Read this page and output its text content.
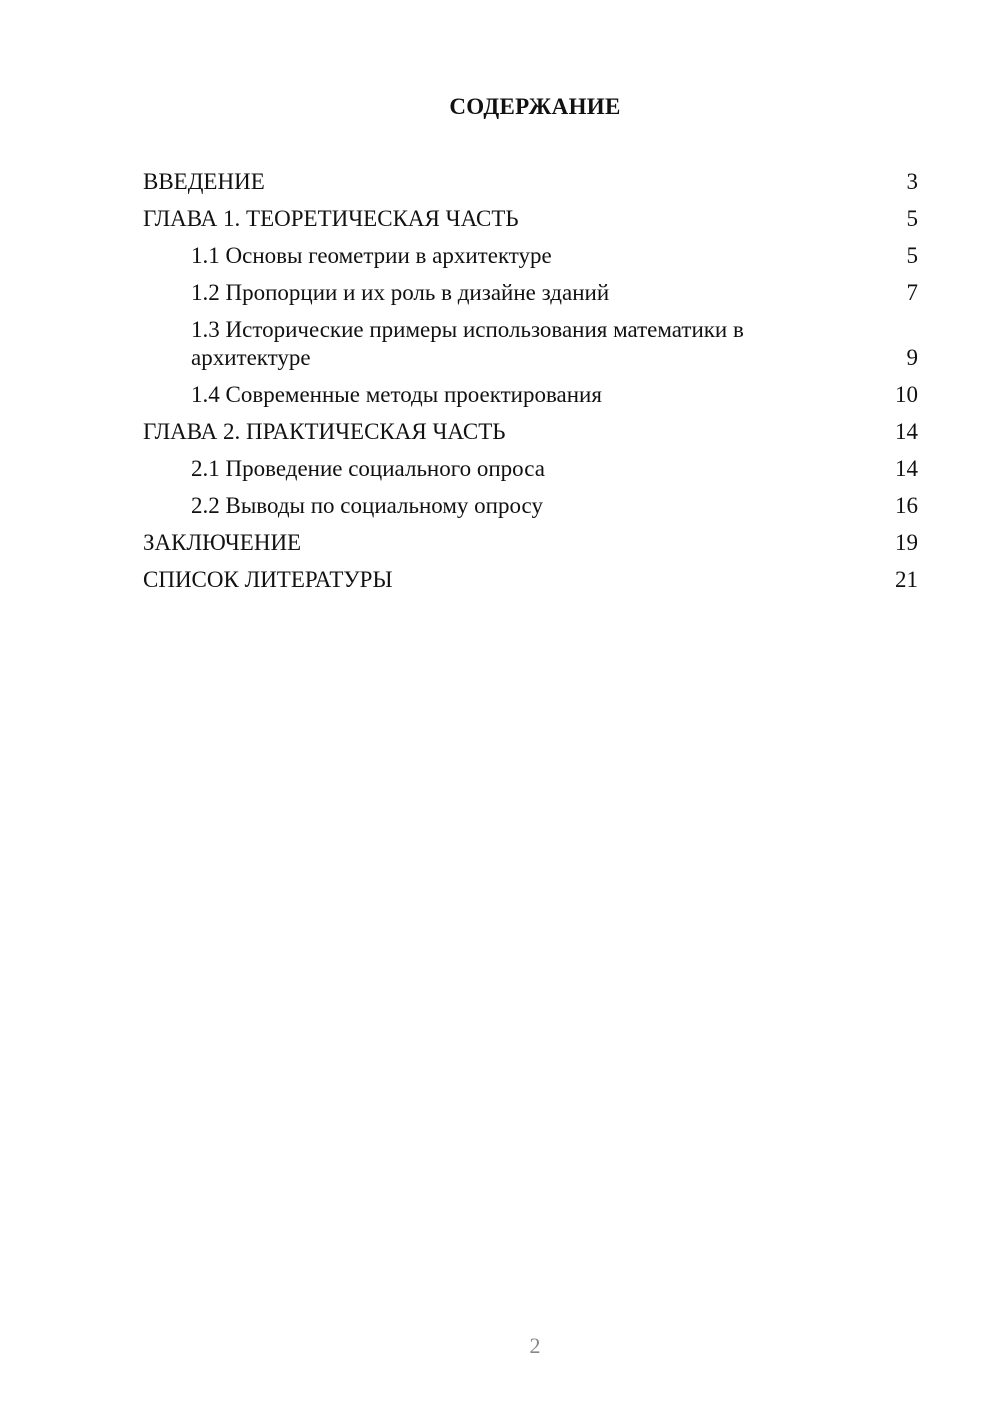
СОДЕРЖАНИЕ
ВВЕДЕНИЕ	3
ГЛАВА 1. ТЕОРЕТИЧЕСКАЯ ЧАСТЬ	5
1.1 Основы геометрии в архитектуре	5
1.2 Пропорции и их роль в дизайне зданий	7
1.3 Исторические примеры использования математики в архитектуре	9
1.4 Современные методы проектирования	10
ГЛАВА 2. ПРАКТИЧЕСКАЯ ЧАСТЬ	14
2.1 Проведение социального опроса	14
2.2 Выводы по социальному опросу	16
ЗАКЛЮЧЕНИЕ	19
СПИСОК ЛИТЕРАТУРЫ	21
2
